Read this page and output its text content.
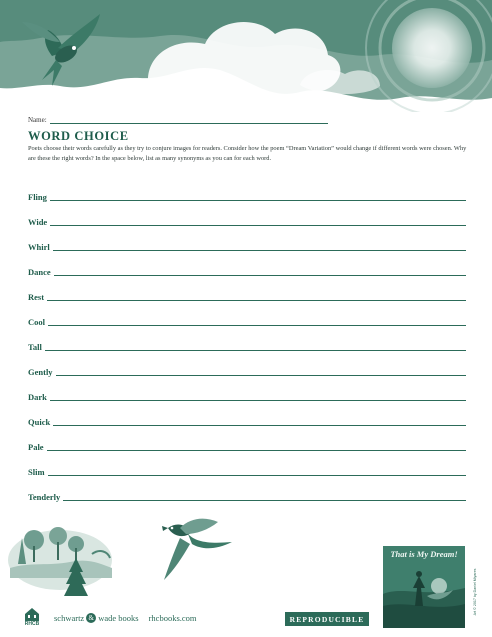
Name:
WORD CHOICE

Poets choose their words carefully as they try to conjure images for readers. Consider how the poem “Dream Variation” would change if different words were chosen. Why are these the right words? In the space below, list as many synonyms as you can for each word.

Fling
Wide
Whirl
Dance
Rest
Cool
Tall
Gently
Dark
Quick
Pale
Slim
Tenderly
RHCB
schwartz & wade books rhcbooks.com	REPRODUCIBLE
That is My Dream!
Art © 2017 by Daniel Miyares
